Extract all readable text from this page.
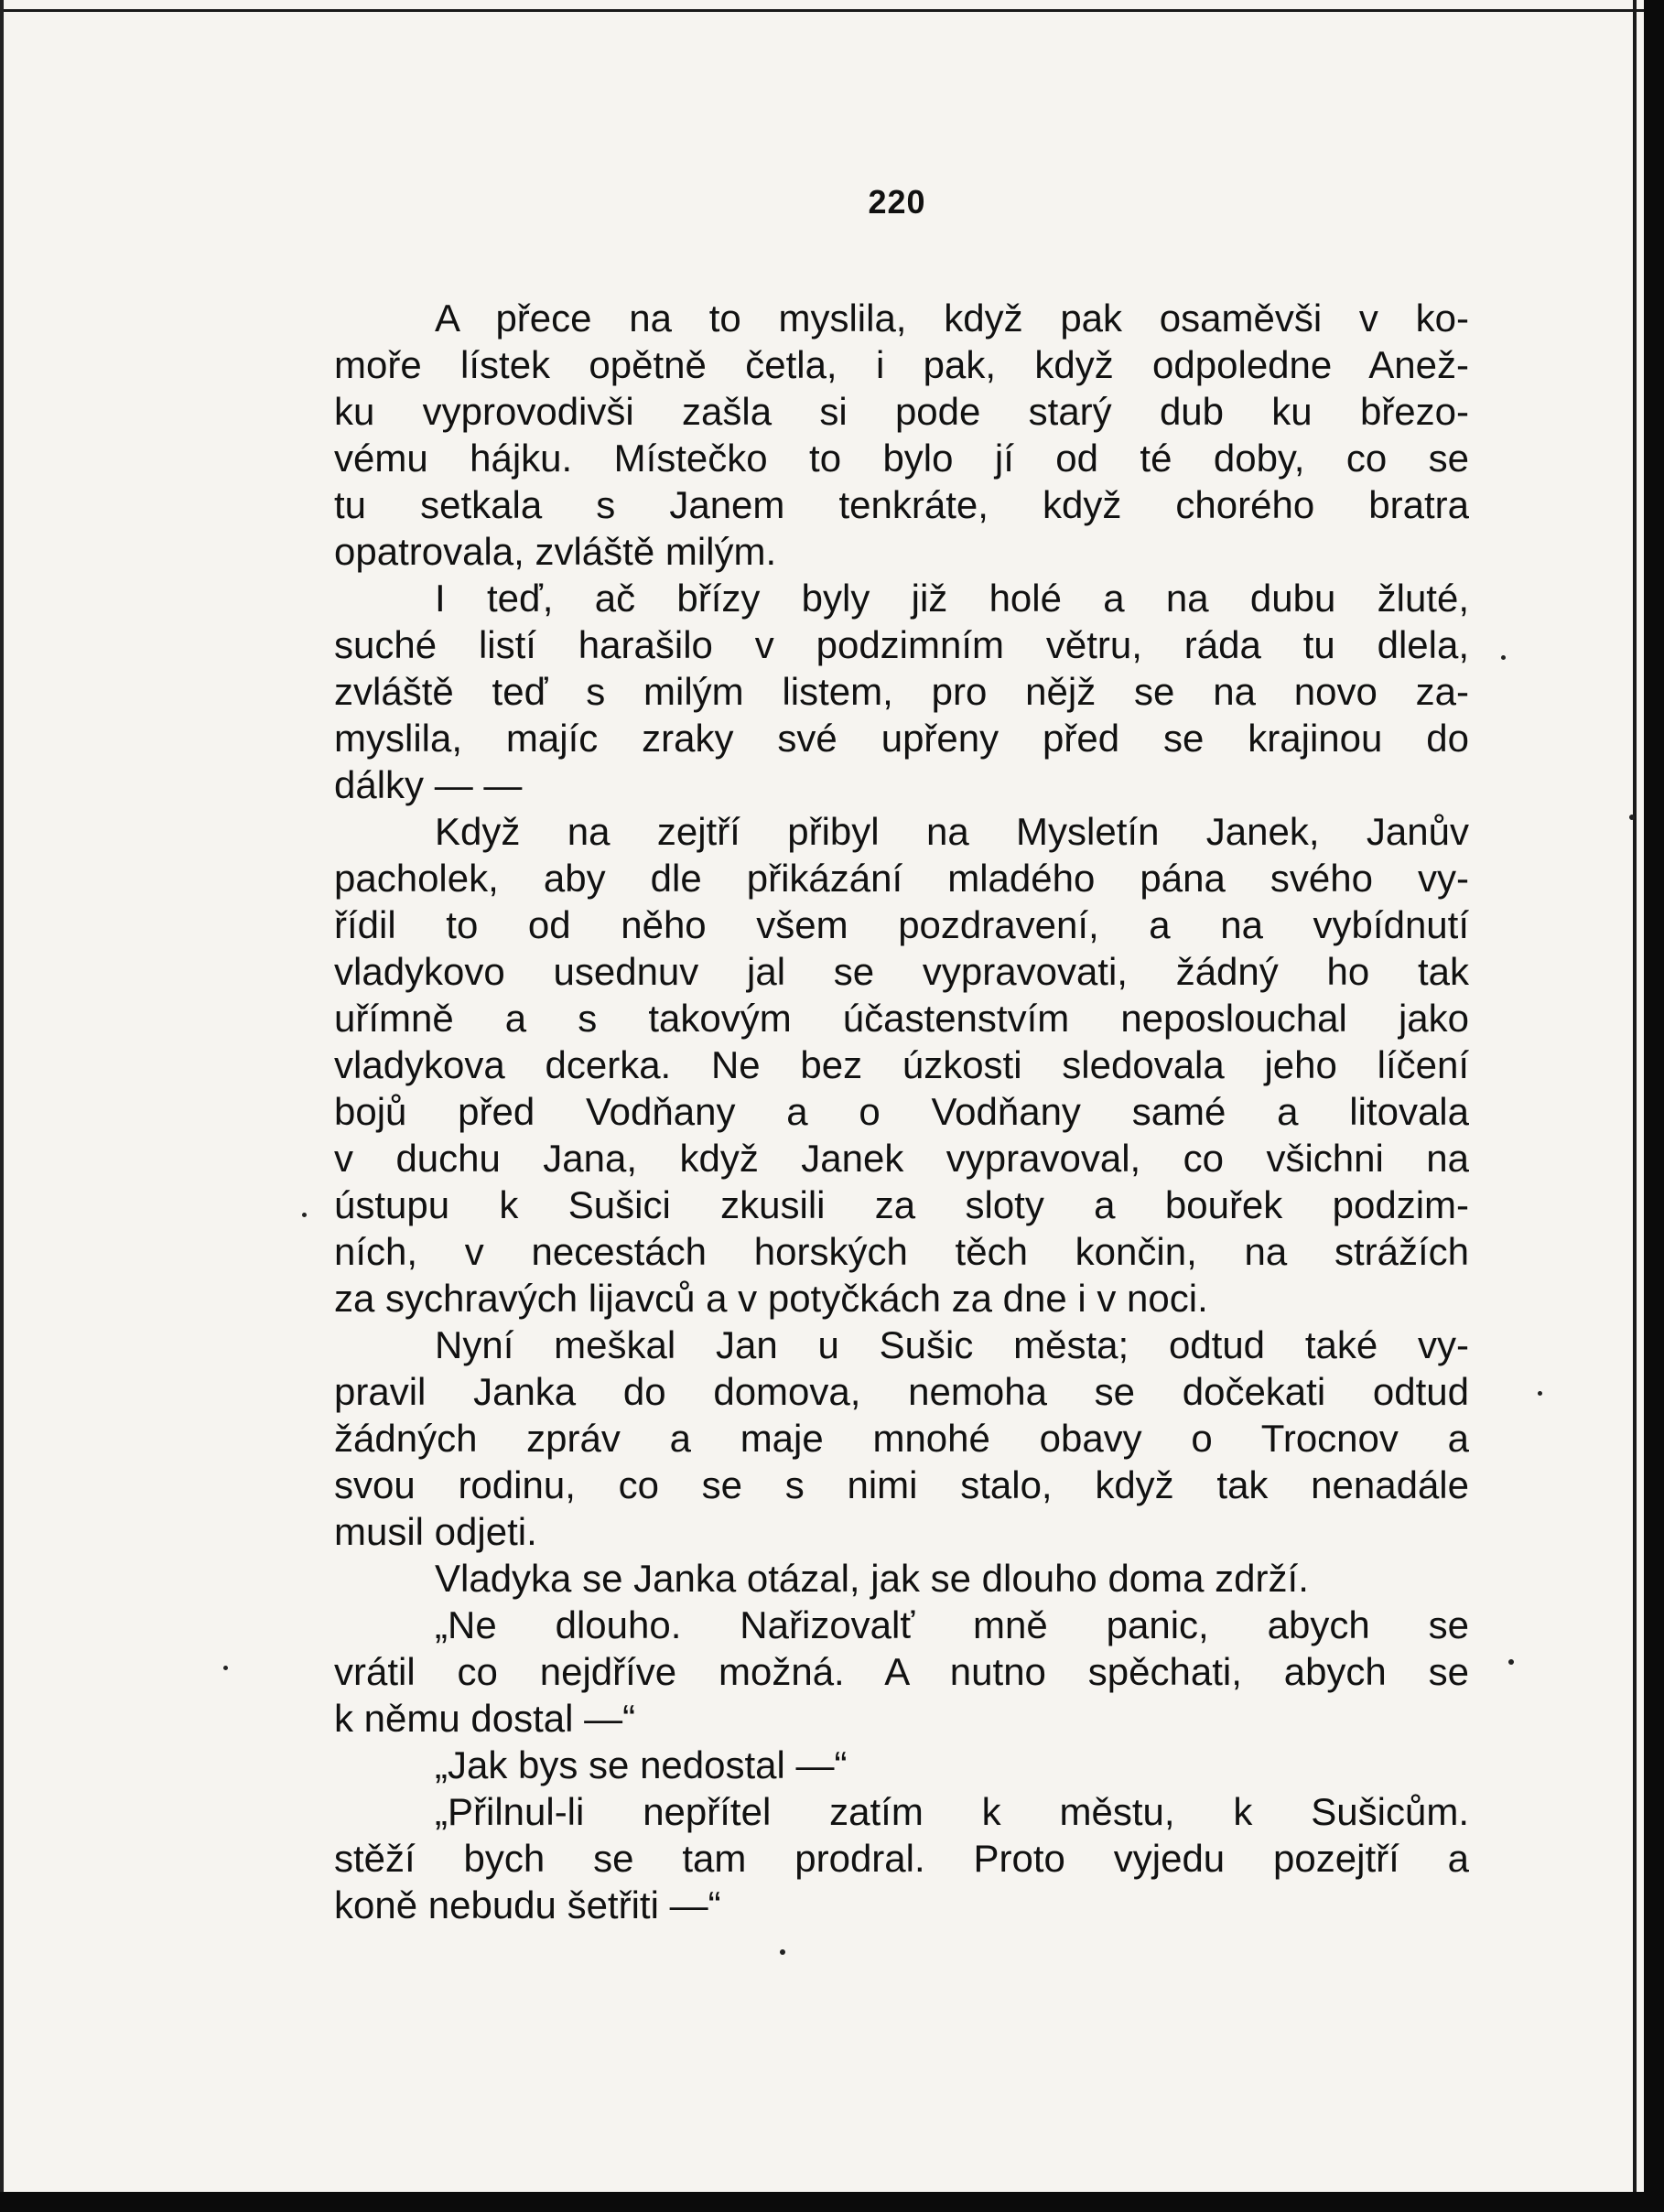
220
A přece na to myslila, když pak osaměvši v ko-
moře lístek opětně četla, i pak, když odpoledne Anež-
ku vyprovodivši zašla si pode starý dub ku březo-
vému hájku. Místečko to bylo jí od té doby, co se
tu setkala s Janem tenkráte, když chorého bratra
opatrovala, zvláště milým.
I teď, ač břízy byly již holé a na dubu žluté,
suché listí harašilo v podzimním větru, ráda tu dlela,
zvláště teď s milým listem, pro nějž se na novo za-
myslila, majíc zraky své upřeny před se krajinou do
dálky — —
Když na zejtří přibyl na Mysletín Janek, Janův
pacholek, aby dle přikázání mladého pána svého vy-
řídil to od něho všem pozdravení, a na vybídnutí
vladykovo usednuv jal se vypravovati, žádný ho tak
uřímně a s takovým účastenstvím neposlouchal jako
vladykova dcerka. Ne bez úzkosti sledovala jeho líčení
bojů před Vodňany a o Vodňany samé a litovala
v duchu Jana, když Janek vypravoval, co všichni na
ústupu k Sušici zkusili za sloty a bouřek podzim-
ních, v necestách horských těch končin, na strážích
za sychravých lijavců a v potyčkách za dne i v noci.
Nyní meškal Jan u Sušic města; odtud také vy-
pravil Janka do domova, nemoha se dočekati odtud
žádných zpráv a maje mnohé obavy o Trocnov a
svou rodinu, co se s nimi stalo, když tak nenadále
musil odjeti.
Vladyka se Janka otázal, jak se dlouho doma zdrží.
„Ne dlouho. Nařizovalť mně panic, abych se
vrátil co nejdříve možná. A nutno spěchati, abych se
k němu dostal —“
„Jak bys se nedostal —“
„Přilnul-li nepřítel zatím k městu, k Sušicům.
stěží bych se tam prodral. Proto vyjedu pozejtří a
koně nebudu šetřiti —“
